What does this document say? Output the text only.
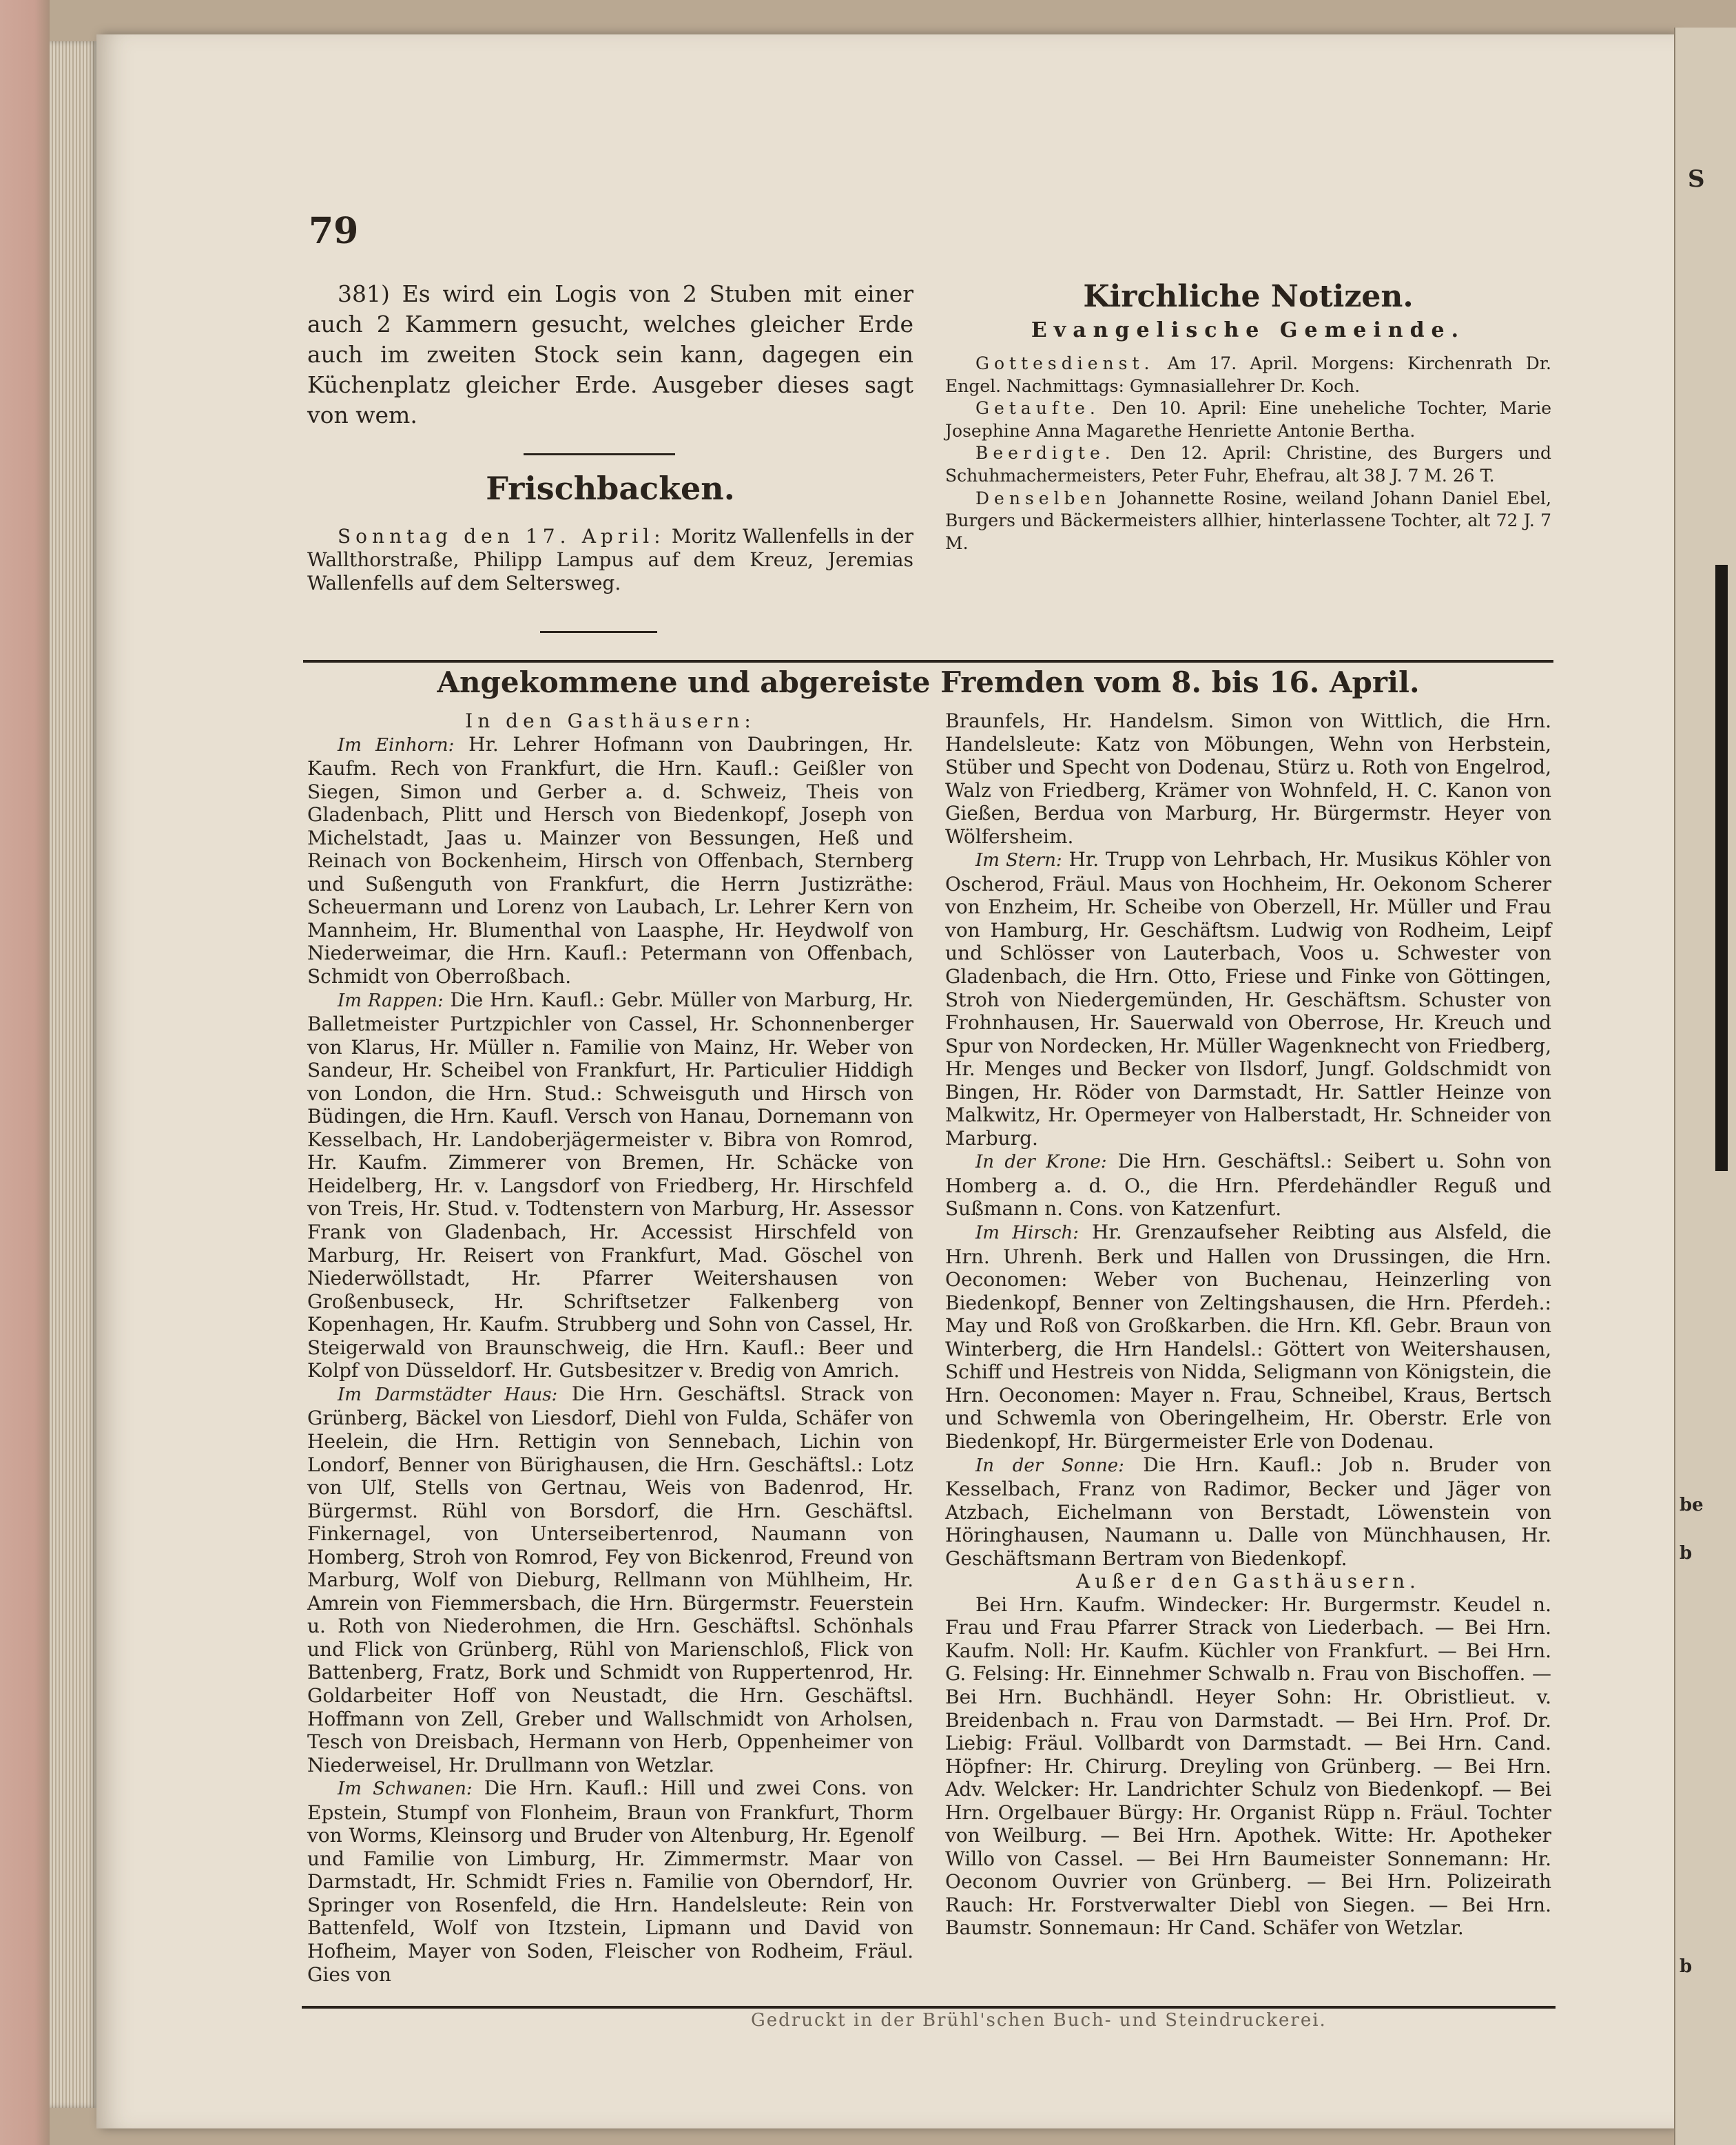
S
be
b
b
79

381) Es wird ein Logis von 2 Stuben mit einer auch 2 Kammern gesucht, welches gleicher Erde auch im zweiten Stock sein kann, dagegen ein Küchenplatz gleicher Erde. Ausgeber dieses sagt von wem.

Frischbacken.

Sonntag den 17. April: Moritz Wallenfells in der Wallthorstraße, Philipp Lampus auf dem Kreuz, Jeremias Wallenfells auf dem Seltersweg.

Kirchliche Notizen.
Evangelische Gemeinde.

Gottesdienst. Am 17. April. Morgens: Kirchenrath Dr. Engel. Nachmittags: Gymnasiallehrer Dr. Koch.

Getaufte. Den 10. April: Eine uneheliche Tochter, Marie Josephine Anna Magarethe Henriette Antonie Bertha.

Beerdigte. Den 12. April: Christine, des Burgers und Schuhmachermeisters, Peter Fuhr, Ehefrau, alt 38 J. 7 M. 26 T.

Denselben Johannette Rosine, weiland Johann Daniel Ebel, Burgers und Bäckermeisters allhier, hinterlassene Tochter, alt 72 J. 7 M.

Angekommene und abgereiste Fremden vom 8. bis 16. April.

In den Gasthäusern:

Im Einhorn: Hr. Lehrer Hofmann von Daubringen, Hr. Kaufm. Rech von Frankfurt, die Hrn. Kaufl.: Geißler von Siegen, Simon und Gerber a. d. Schweiz, Theis von Gladenbach, Plitt und Hersch von Biedenkopf, Joseph von Michelstadt, Jaas u. Mainzer von Bessungen, Heß und Reinach von Bockenheim, Hirsch von Offenbach, Sternberg und Sußenguth von Frankfurt, die Herrn Justizräthe: Scheuermann und Lorenz von Laubach, Lr. Lehrer Kern von Mannheim, Hr. Blumenthal von Laasphe, Hr. Heydwolf von Niederweimar, die Hrn. Kaufl.: Petermann von Offenbach, Schmidt von Oberroßbach.

Im Rappen: Die Hrn. Kaufl.: Gebr. Müller von Marburg, Hr. Balletmeister Purtzpichler von Cassel, Hr. Schonnenberger von Klarus, Hr. Müller n. Familie von Mainz, Hr. Weber von Sandeur, Hr. Scheibel von Frankfurt, Hr. Particulier Hiddigh von London, die Hrn. Stud.: Schweisguth und Hirsch von Büdingen, die Hrn. Kaufl. Versch von Hanau, Dornemann von Kesselbach, Hr. Landoberjägermeister v. Bibra von Romrod, Hr. Kaufm. Zimmerer von Bremen, Hr. Schäcke von Heidelberg, Hr. v. Langsdorf von Friedberg, Hr. Hirschfeld von Treis, Hr. Stud. v. Todtenstern von Marburg, Hr. Assessor Frank von Gladenbach, Hr. Accessist Hirschfeld von Marburg, Hr. Reisert von Frankfurt, Mad. Göschel von Niederwöllstadt, Hr. Pfarrer Weitershausen von Großenbuseck, Hr. Schriftsetzer Falkenberg von Kopenhagen, Hr. Kaufm. Strubberg und Sohn von Cassel, Hr. Steigerwald von Braunschweig, die Hrn. Kaufl.: Beer und Kolpf von Düsseldorf. Hr. Gutsbesitzer v. Bredig von Amrich.

Im Darmstädter Haus: Die Hrn. Geschäftsl. Strack von Grünberg, Bäckel von Liesdorf, Diehl von Fulda, Schäfer von Heelein, die Hrn. Rettigin von Sennebach, Lichin von Londorf, Benner von Bürighausen, die Hrn. Geschäftsl.: Lotz von Ulf, Stells von Gertnau, Weis von Badenrod, Hr. Bürgermst. Rühl von Borsdorf, die Hrn. Geschäftsl. Finkernagel, von Unterseibertenrod, Naumann von Homberg, Stroh von Romrod, Fey von Bickenrod, Freund von Marburg, Wolf von Dieburg, Rellmann von Mühlheim, Hr. Amrein von Fiemmersbach, die Hrn. Bürgermstr. Feuerstein u. Roth von Niederohmen, die Hrn. Geschäftsl. Schönhals und Flick von Grünberg, Rühl von Marienschloß, Flick von Battenberg, Fratz, Bork und Schmidt von Ruppertenrod, Hr. Goldarbeiter Hoff von Neustadt, die Hrn. Geschäftsl. Hoffmann von Zell, Greber und Wallschmidt von Arholsen, Tesch von Dreisbach, Hermann von Herb, Oppenheimer von Niederweisel, Hr. Drullmann von Wetzlar.

Im Schwanen: Die Hrn. Kaufl.: Hill und zwei Cons. von Epstein, Stumpf von Flonheim, Braun von Frankfurt, Thorm von Worms, Kleinsorg und Bruder von Altenburg, Hr. Egenolf und Familie von Limburg, Hr. Zimmermstr. Maar von Darmstadt, Hr. Schmidt Fries n. Familie von Oberndorf, Hr. Springer von Rosenfeld, die Hrn. Handelsleute: Rein von Battenfeld, Wolf von Itzstein, Lipmann und David von Hofheim, Mayer von Soden, Fleischer von Rodheim, Fräul. Gies von

Braunfels, Hr. Handelsm. Simon von Wittlich, die Hrn. Handelsleute: Katz von Möbungen, Wehn von Herbstein, Stüber und Specht von Dodenau, Stürz u. Roth von Engelrod, Walz von Friedberg, Krämer von Wohnfeld, H. C. Kanon von Gießen, Berdua von Marburg, Hr. Bürgermstr. Heyer von Wölfersheim.

Im Stern: Hr. Trupp von Lehrbach, Hr. Musikus Köhler von Oscherod, Fräul. Maus von Hochheim, Hr. Oekonom Scherer von Enzheim, Hr. Scheibe von Oberzell, Hr. Müller und Frau von Hamburg, Hr. Geschäftsm. Ludwig von Rodheim, Leipf und Schlösser von Lauterbach, Voos u. Schwester von Gladenbach, die Hrn. Otto, Friese und Finke von Göttingen, Stroh von Niedergemünden, Hr. Geschäftsm. Schuster von Frohnhausen, Hr. Sauerwald von Oberrose, Hr. Kreuch und Spur von Nordecken, Hr. Müller Wagenknecht von Friedberg, Hr. Menges und Becker von Ilsdorf, Jungf. Goldschmidt von Bingen, Hr. Röder von Darmstadt, Hr. Sattler Heinze von Malkwitz, Hr. Opermeyer von Halberstadt, Hr. Schneider von Marburg.

In der Krone: Die Hrn. Geschäftsl.: Seibert u. Sohn von Homberg a. d. O., die Hrn. Pferdehändler Reguß und Sußmann n. Cons. von Katzenfurt.

Im Hirsch: Hr. Grenzaufseher Reibting aus Alsfeld, die Hrn. Uhrenh. Berk und Hallen von Drussingen, die Hrn. Oeconomen: Weber von Buchenau, Heinzerling von Biedenkopf, Benner von Zeltingshausen, die Hrn. Pferdeh.: May und Roß von Großkarben. die Hrn. Kfl. Gebr. Braun von Winterberg, die Hrn Handelsl.: Göttert von Weitershausen, Schiff und Hestreis von Nidda, Seligmann von Königstein, die Hrn. Oeconomen: Mayer n. Frau, Schneibel, Kraus, Bertsch und Schwemla von Oberingelheim, Hr. Oberstr. Erle von Biedenkopf, Hr. Bürgermeister Erle von Dodenau.

In der Sonne: Die Hrn. Kaufl.: Job n. Bruder von Kesselbach, Franz von Radimor, Becker und Jäger von Atzbach, Eichelmann von Berstadt, Löwenstein von Höringhausen, Naumann u. Dalle von Münchhausen, Hr. Geschäftsmann Bertram von Biedenkopf.

Außer den Gasthäusern.

Bei Hrn. Kaufm. Windecker: Hr. Burgermstr. Keudel n. Frau und Frau Pfarrer Strack von Liederbach. — Bei Hrn. Kaufm. Noll: Hr. Kaufm. Küchler von Frankfurt. — Bei Hrn. G. Felsing: Hr. Einnehmer Schwalb n. Frau von Bischoffen. — Bei Hrn. Buchhändl. Heyer Sohn: Hr. Obristlieut. v. Breidenbach n. Frau von Darmstadt. — Bei Hrn. Prof. Dr. Liebig: Fräul. Vollbardt von Darmstadt. — Bei Hrn. Cand. Höpfner: Hr. Chirurg. Dreyling von Grünberg. — Bei Hrn. Adv. Welcker: Hr. Landrichter Schulz von Biedenkopf. — Bei Hrn. Orgelbauer Bürgy: Hr. Organist Rüpp n. Fräul. Tochter von Weilburg. — Bei Hrn. Apothek. Witte: Hr. Apotheker Willo von Cassel. — Bei Hrn Baumeister Sonnemann: Hr. Oeconom Ouvrier von Grünberg. — Bei Hrn. Polizeirath Rauch: Hr. Forstverwalter Diebl von Siegen. — Bei Hrn. Baumstr. Sonnemaun: Hr Cand. Schäfer von Wetzlar.

Gedruckt in der Brühl'schen Buch- und Steindruckerei.
